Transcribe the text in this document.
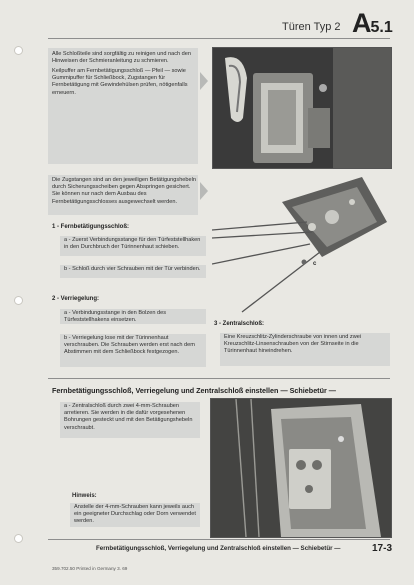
Türen Typ 2 A5.1
Alle Schloßteile sind sorgfältig zu reinigen und nach den Hinweisen der Schmieranleitung zu schmieren.
Keilpuffer am Fernbetätigungsschloß — Pfeil — sowie Gummipuffer für Schließbock, Zugstangen für Fernbetätigung mit Gewindehülsen prüfen, nötigenfalls erneuern.
Die Zugstangen sind an den jeweiligen Betätigungshebeln durch Sicherungsscheiben gegen Abspringen gesichert. Sie können nur nach dem Ausbau des Fernbetätigungsschlosses ausgewechselt werden.
c
1 - Fernbetätigungsschloß:
a - Zuerst Verbindungsstange für den Türfeststellhaken in den Durchbruch der Türinnenhaut schieben.
b - Schloß durch vier Schrauben mit der Tür verbinden.
2 - Verriegelung:
a - Verbindungsstange in den Bolzen des Türfeststellhakens einsetzen.
b - Verriegelung lose mit der Türinnenhaut verschrauben. Die Schrauben werden erst nach dem Abstimmen mit dem Schließbock festgezogen.
3 - Zentralschloß:
Eine Kreuzschlitz-Zylinderschraube von innen und zwei Kreuzschlitz-Linsenschrauben von der Stirnseite in die Türinnenhaut hineindrehen.
Fernbetätigungsschloß, Verriegelung und Zentralschloß einstellen — Schiebetür —
a - Zentralschloß durch zwei 4-mm-Schrauben arretieren. Sie werden in die dafür vorgesehenen Bohrungen gesteckt und mit den Betätigungshebeln verschraubt.
Hinweis:
Anstelle der 4-mm-Schrauben kann jeweils auch ein geeigneter Durchschlag oder Dorn verwendet werden.
Fernbetätigungsschloß, Verriegelung und Zentralschloß einstellen — Schiebetür —	17-3
359.702.50 Printed in Germany 3. 69
